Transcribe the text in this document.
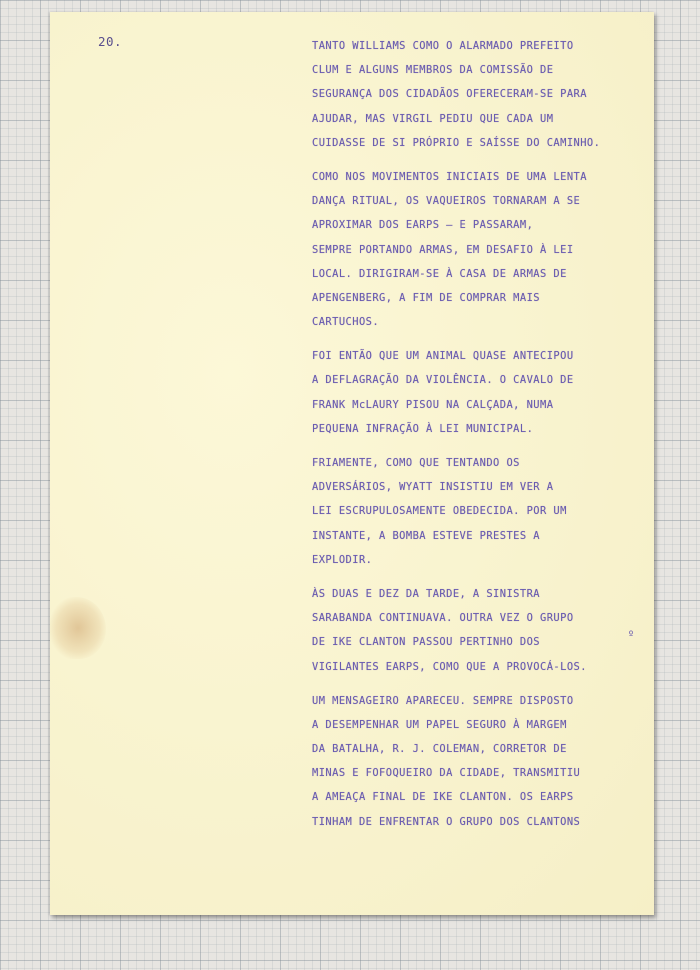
20.	TANTO WILLIAMS COMO O ALARMADO PREFEITO
CLUM E ALGUNS MEMBROS DA COMISSÃO DE
SEGURANÇA DOS CIDADÃOS OFERECERAM-SE PARA
AJUDAR, MAS VIRGIL PEDIU QUE CADA UM
CUIDASSE DE SI PRÓPRIO E SAÍSSE DO CAMINHO.
COMO NOS MOVIMENTOS INICIAIS DE UMA LENTA
DANÇA RITUAL, OS VAQUEIROS TORNARAM A SE
APROXIMAR DOS EARPS — E PASSARAM,
SEMPRE PORTANDO ARMAS, EM DESAFIO À LEI
LOCAL. DIRIGIRAM-SE À CASA DE ARMAS DE
APENGENBERG, A FIM DE COMPRAR MAIS
CARTUCHOS.
FOI ENTÃO QUE UM ANIMAL QUASE ANTECIPOU
A DEFLAGRAÇÃO DA VIOLÊNCIA. O CAVALO DE
FRANK McLAURY PISOU NA CALÇADA, NUMA
PEQUENA INFRAÇÃO À LEI MUNICIPAL.
FRIAMENTE, COMO QUE TENTANDO OS
ADVERSÁRIOS, WYATT INSISTIU EM VER A
LEI ESCRUPULOSAMENTE OBEDECIDA. POR UM
INSTANTE, A BOMBA ESTEVE PRESTES A
EXPLODIR.
ÀS DUAS E DEZ DA TARDE, A SINISTRA
SARABANDA CONTINUAVA. OUTRA VEZ O GRUPO
DE IKE CLANTON PASSOU PERTINHO DOS
VIGILANTES EARPS, COMO QUE A PROVOCÁ-LOS.
UM MENSAGEIRO APARECEU. SEMPRE DISPOSTO
A DESEMPENHAR UM PAPEL SEGURO À MARGEM
DA BATALHA, R. J. COLEMAN, CORRETOR DE
MINAS E FOFOQUEIRO DA CIDADE, TRANSMITIU
A AMEAÇA FINAL DE IKE CLANTON. OS EARPS
TINHAM DE ENFRENTAR O GRUPO DOS CLANTONS
º
